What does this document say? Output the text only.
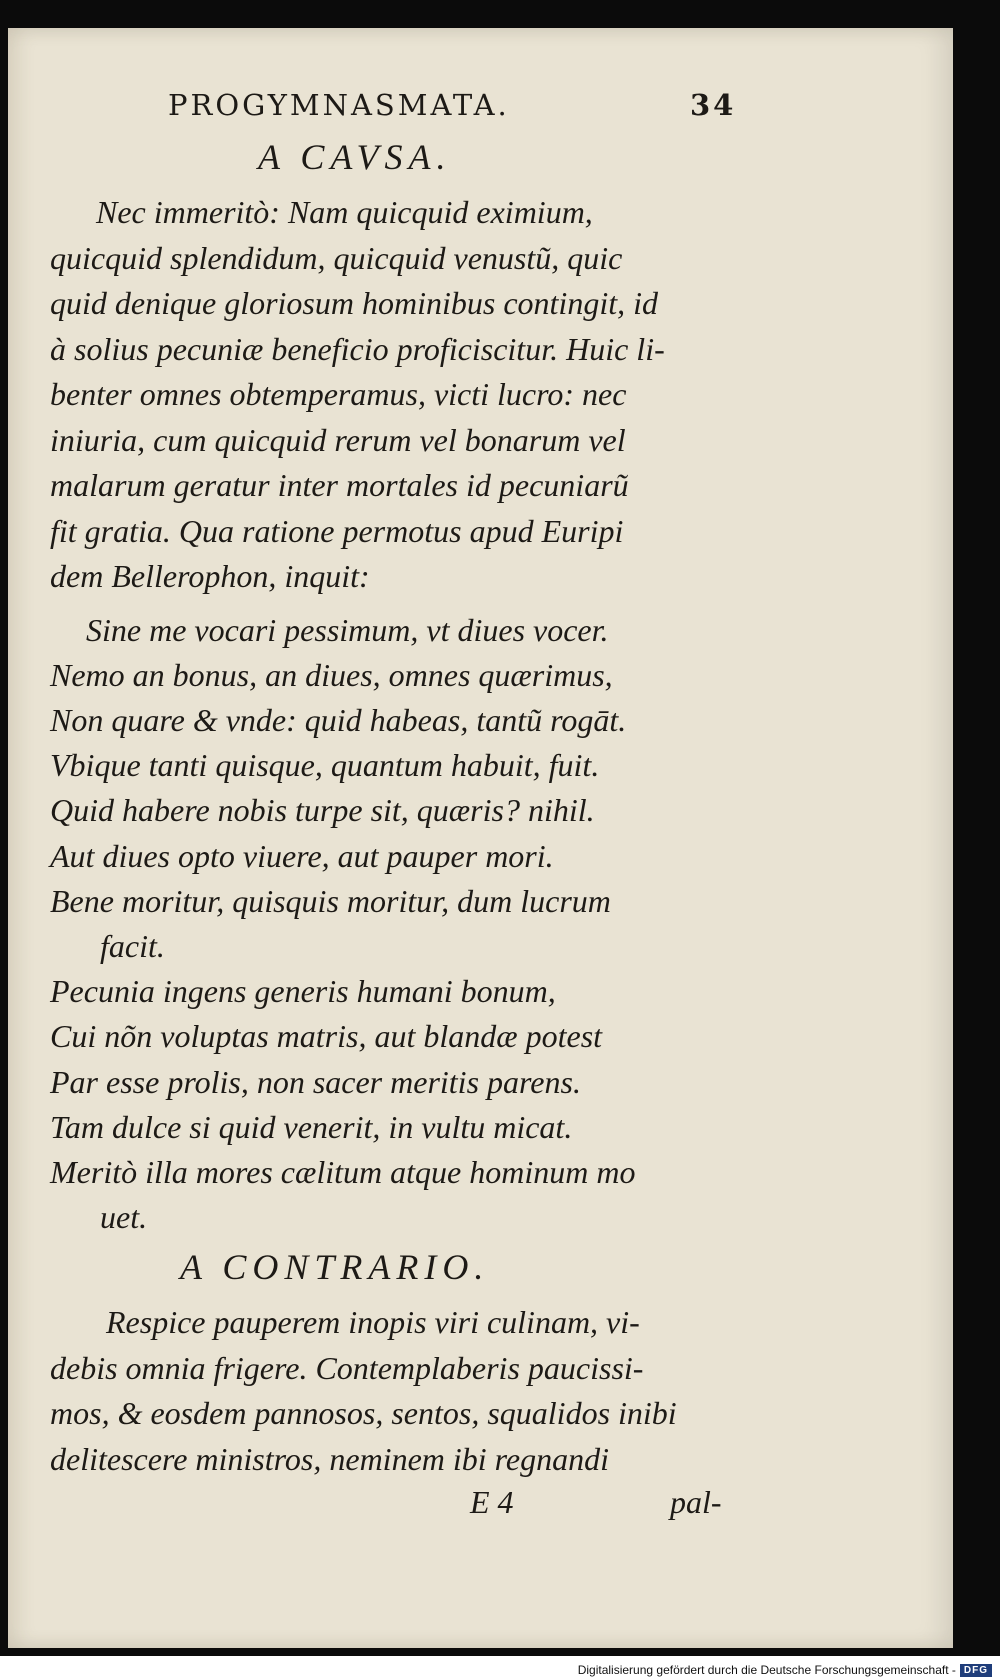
PROGYMNASMATA.	34
A CAVSA.

Nec immeritò: Nam quicquid eximium,

quicquid splendidum, quicquid venustũ, quic

quid denique gloriosum hominibus contingit, id

à solius pecuniæ beneficio proficiscitur. Huic li-

benter omnes obtemperamus, victi lucro: nec

iniuria, cum quicquid rerum vel bonarum vel

malarum geratur inter mortales id pecuniarũ

fit gratia. Qua ratione permotus apud Euripi

dem Bellerophon, inquit:

Sine me vocari pessimum, vt diues vocer.

Nemo an bonus, an diues, omnes quærimus,

Non quare & vnde: quid habeas, tantũ rogāt.

Vbique tanti quisque, quantum habuit, fuit.

Quid habere nobis turpe sit, quæris? nihil.

Aut diues opto viuere, aut pauper mori.

Bene moritur, quisquis moritur, dum lucrum

facit.

Pecunia ingens generis humani bonum,

Cui nõn voluptas matris, aut blandæ potest

Par esse prolis, non sacer meritis parens.

Tam dulce si quid venerit, in vultu micat.

Meritò illa mores cælitum atque hominum mo

uet.

A CONTRARIO.

Respice pauperem inopis viri culinam, vi-

debis omnia frigere. Contemplaberis paucissi-

mos, & eosdem pannosos, sentos, squalidos inibi

delitescere ministros, neminem ibi regnandi

E 4	pal-
Digitalisierung gefördert durch die Deutsche Forschungsgemeinschaft - DFG
